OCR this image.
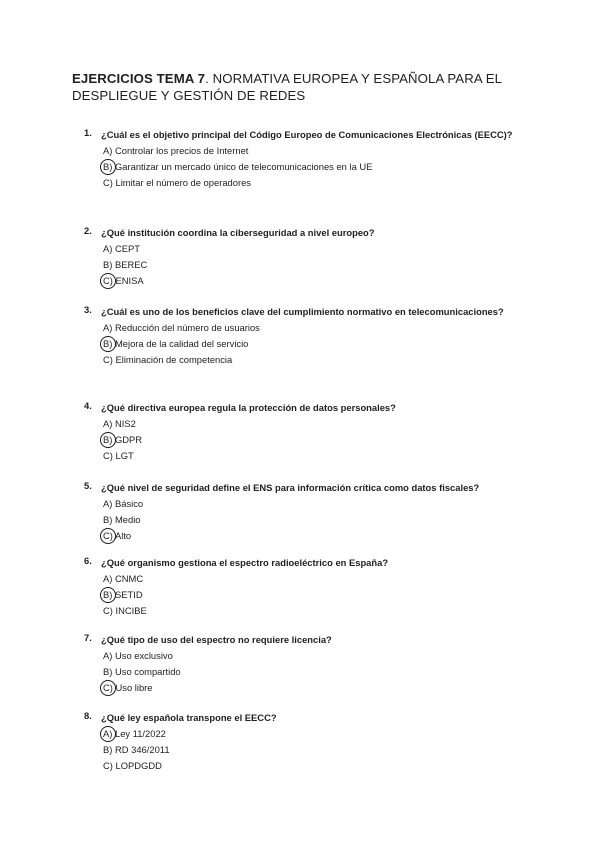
EJERCICIOS TEMA 7. NORMATIVA EUROPEA Y ESPAÑOLA PARA EL DESPLIEGUE Y GESTIÓN DE REDES
1. ¿Cuál es el objetivo principal del Código Europeo de Comunicaciones Electrónicas (EECC)?
A) Controlar los precios de Internet
B) Garantizar un mercado único de telecomunicaciones en la UE
C) Limitar el número de operadores
2. ¿Qué institución coordina la ciberseguridad a nivel europeo?
A) CEPT
B) BEREC
C) ENISA
3. ¿Cuál es uno de los beneficios clave del cumplimiento normativo en telecomunicaciones?
A) Reducción del número de usuarios
B) Mejora de la calidad del servicio
C) Eliminación de competencia
4. ¿Qué directiva europea regula la protección de datos personales?
A) NIS2
B) GDPR
C) LGT
5. ¿Qué nivel de seguridad define el ENS para información crítica como datos fiscales?
A) Básico
B) Medio
C) Alto
6. ¿Qué organismo gestiona el espectro radioeléctrico en España?
A) CNMC
B) SETID
C) INCIBE
7. ¿Qué tipo de uso del espectro no requiere licencia?
A) Uso exclusivo
B) Uso compartido
C) Uso libre
8. ¿Qué ley española transpone el EECC?
A) Ley 11/2022
B) RD 346/2011
C) LOPDGDD
